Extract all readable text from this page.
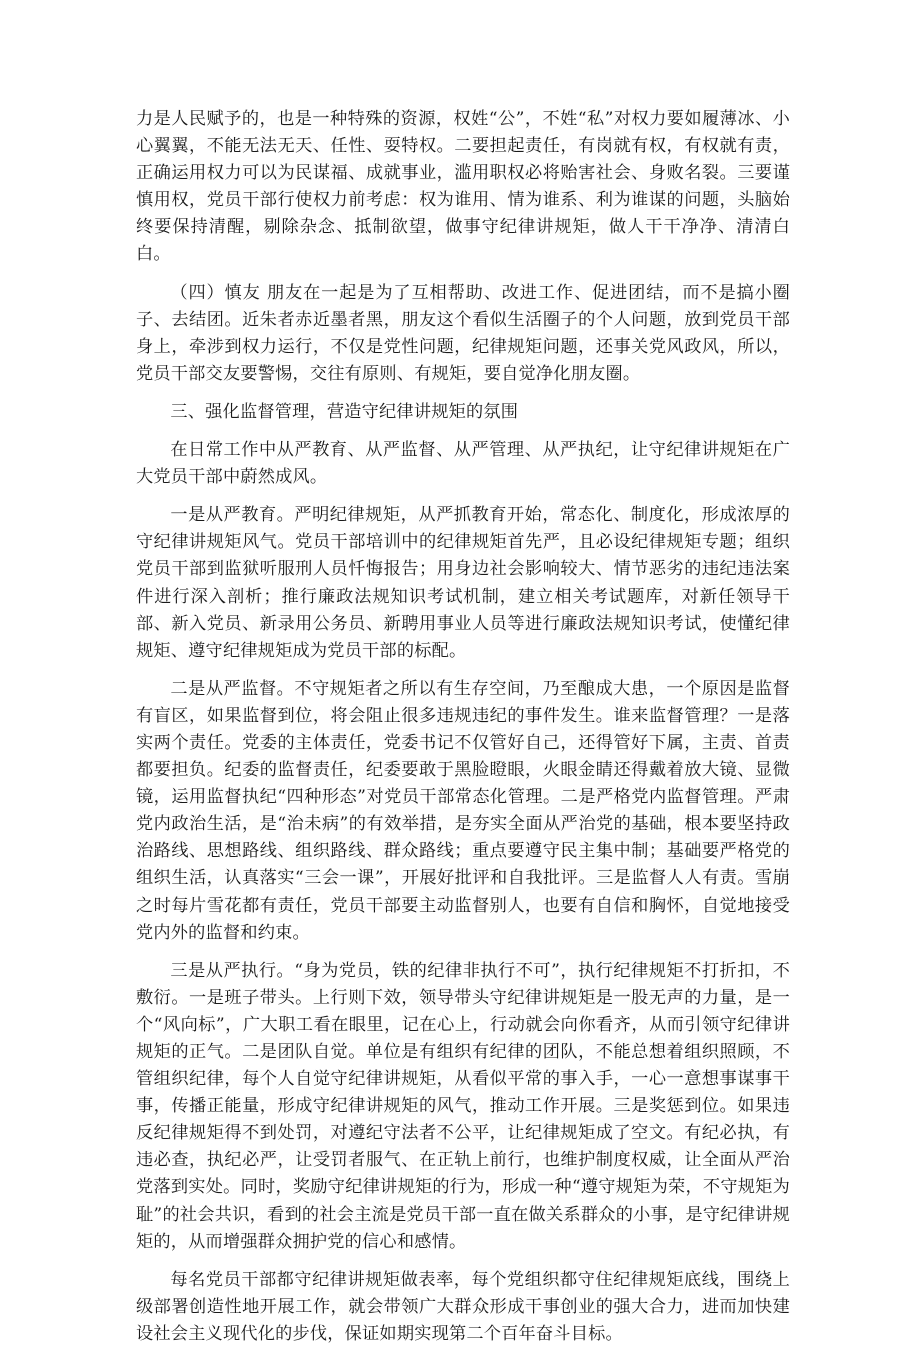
力是人民赋予的，也是一种特殊的资源，权姓“公”，不姓“私”对权力要如履薄冰、小心翼翼，不能无法无天、任性、耍特权。二要担起责任，有岗就有权，有权就有责，正确运用权力可以为民谋福、成就事业，滥用职权必将贻害社会、身败名裂。三要谨慎用权，党员干部行使权力前考虑：权为谁用、情为谁系、利为谁谋的问题，头脑始终要保持清醒，剔除杂念、抵制欲望，做事守纪律讲规矩，做人干干净净、清清白白。

（四）慎友 朋友在一起是为了互相帮助、改进工作、促进团结，而不是搞小圈子、去结团。近朱者赤近墨者黑，朋友这个看似生活圈子的个人问题，放到党员干部身上，牵涉到权力运行，不仅是党性问题，纪律规矩问题，还事关党风政风，所以，党员干部交友要警惕，交往有原则、有规矩，要自觉净化朋友圈。

三、强化监督管理，营造守纪律讲规矩的氛围

在日常工作中从严教育、从严监督、从严管理、从严执纪，让守纪律讲规矩在广大党员干部中蔚然成风。

一是从严教育。严明纪律规矩，从严抓教育开始，常态化、制度化，形成浓厚的守纪律讲规矩风气。党员干部培训中的纪律规矩首先严，且必设纪律规矩专题；组织党员干部到监狱听服刑人员忏悔报告；用身边社会影响较大、情节恶劣的违纪违法案件进行深入剖析；推行廉政法规知识考试机制，建立相关考试题库，对新任领导干部、新入党员、新录用公务员、新聘用事业人员等进行廉政法规知识考试，使懂纪律规矩、遵守纪律规矩成为党员干部的标配。

二是从严监督。不守规矩者之所以有生存空间，乃至酿成大患，一个原因是监督有盲区，如果监督到位，将会阻止很多违规违纪的事件发生。谁来监督管理？一是落实两个责任。党委的主体责任，党委书记不仅管好自己，还得管好下属，主责、首责都要担负。纪委的监督责任，纪委要敢于黑脸瞪眼，火眼金睛还得戴着放大镜、显微镜，运用监督执纪“四种形态”对党员干部常态化管理。二是严格党内监督管理。严肃党内政治生活，是“治未病”的有效举措，是夯实全面从严治党的基础，根本要坚持政治路线、思想路线、组织路线、群众路线；重点要遵守民主集中制；基础要严格党的组织生活，认真落实“三会一课”，开展好批评和自我批评。三是监督人人有责。雪崩之时每片雪花都有责任，党员干部要主动监督别人，也要有自信和胸怀，自觉地接受党内外的监督和约束。

三是从严执行。“身为党员，铁的纪律非执行不可”，执行纪律规矩不打折扣，不敷衍。一是班子带头。上行则下效，领导带头守纪律讲规矩是一股无声的力量，是一个“风向标”，广大职工看在眼里，记在心上，行动就会向你看齐，从而引领守纪律讲规矩的正气。二是团队自觉。单位是有组织有纪律的团队，不能总想着组织照顾，不管组织纪律，每个人自觉守纪律讲规矩，从看似平常的事入手，一心一意想事谋事干事，传播正能量，形成守纪律讲规矩的风气，推动工作开展。三是奖惩到位。如果违反纪律规矩得不到处罚，对遵纪守法者不公平，让纪律规矩成了空文。有纪必执，有违必查，执纪必严，让受罚者服气、在正轨上前行，也维护制度权威，让全面从严治党落到实处。同时，奖励守纪律讲规矩的行为，形成一种“遵守规矩为荣，不守规矩为耻”的社会共识，看到的社会主流是党员干部一直在做关系群众的小事，是守纪律讲规矩的，从而增强群众拥护党的信心和感情。

每名党员干部都守纪律讲规矩做表率，每个党组织都守住纪律规矩底线，围绕上级部署创造性地开展工作，就会带领广大群众形成干事创业的强大合力，进而加快建设社会主义现代化的步伐，保证如期实现第二个百年奋斗目标。
